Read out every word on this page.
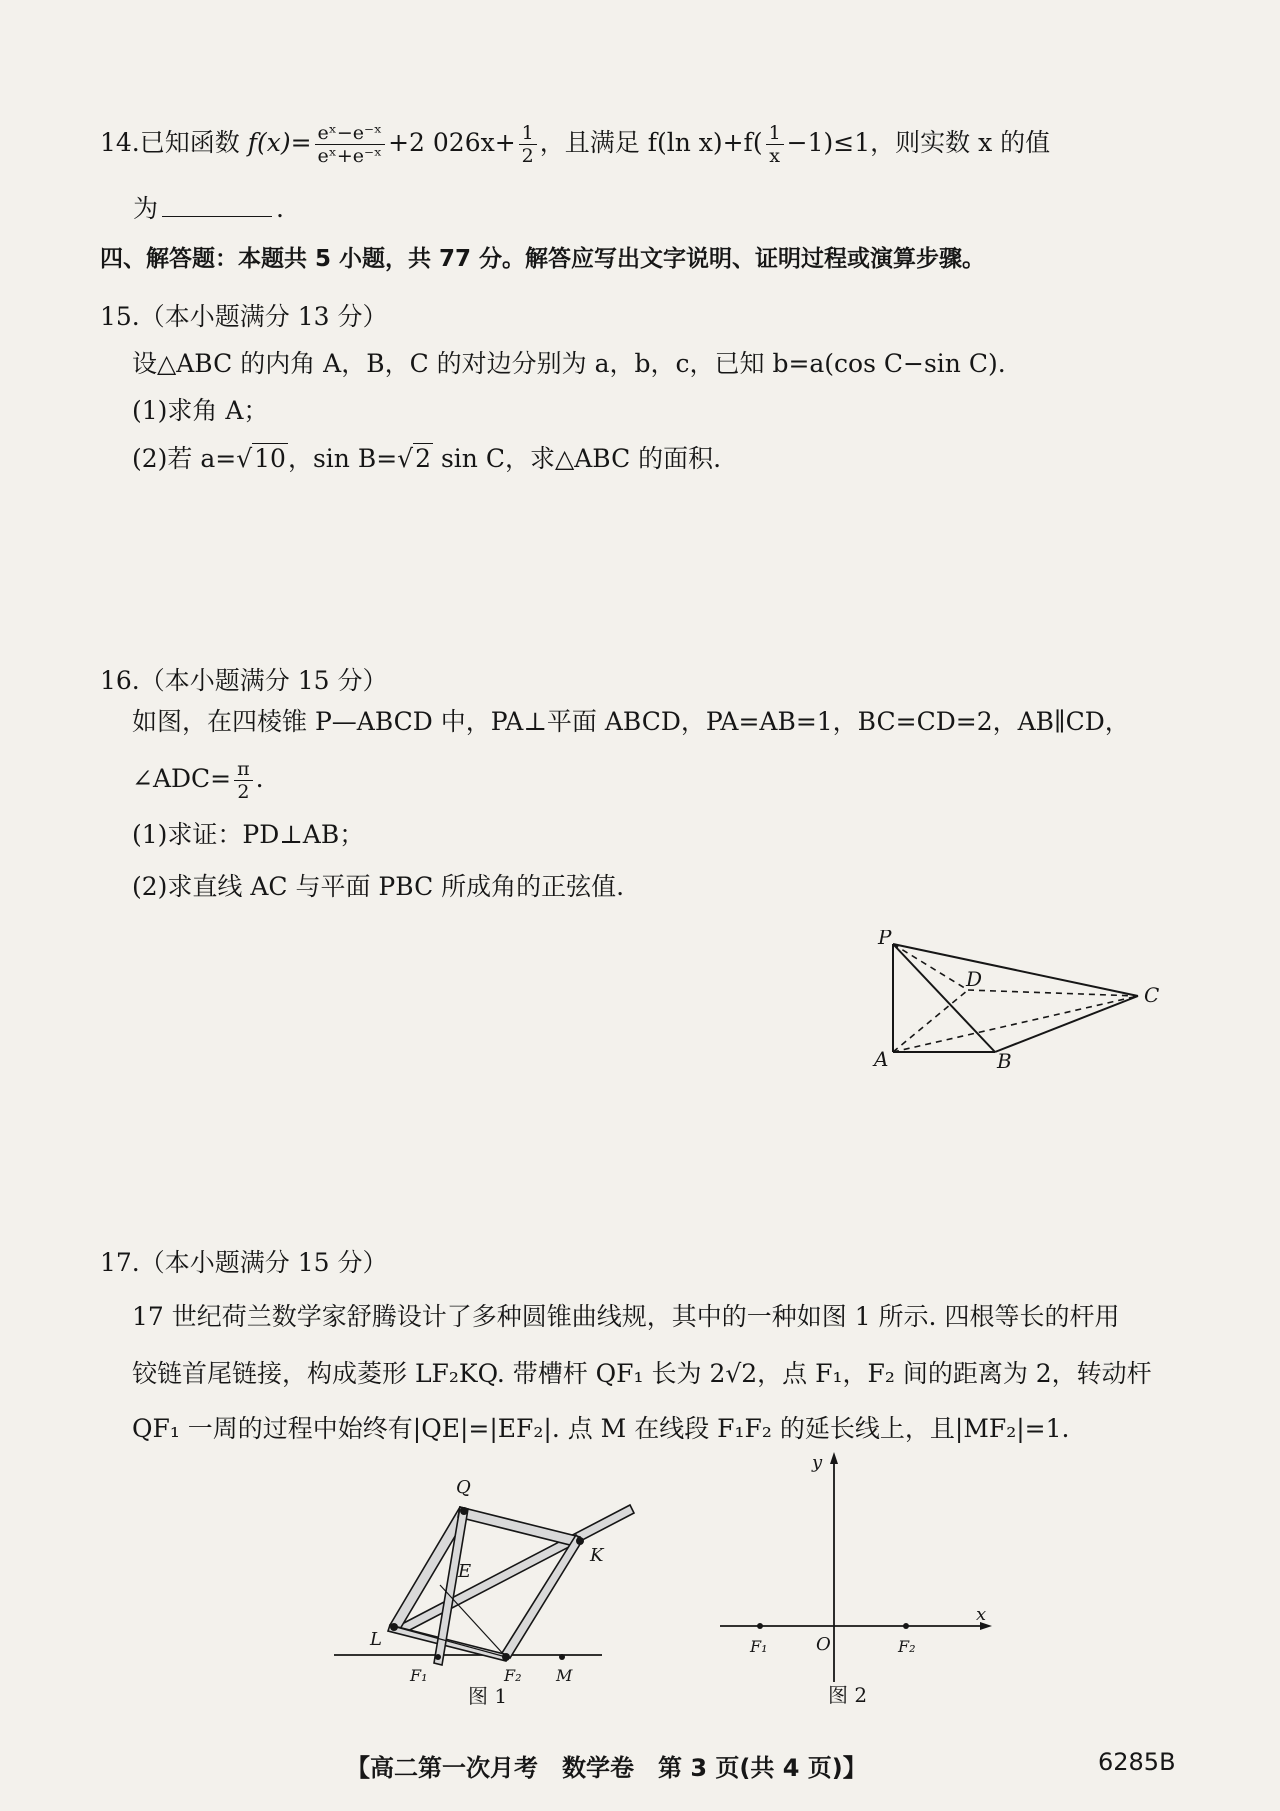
14.已知函数 $f(x)= \frac{\text{eˣ−e⁻ˣ}}{\text{eˣ+e⁻ˣ}} +2$ $026x+ \frac{1}{2}$ ，且满足 f(ln $x)+f( \frac{1}{x} -1)\le 1$，则实数 x 的值
为	.
四、解答题：本题共 5 小题，共 77 分。解答应写出文字说明、证明过程或演算步骤。
15.（本小题满分 13 分）
设△ABC 的内角 A，B，C 的对边分别为 a，b，c，已知 b=a(cos C−sin C).
(1)求角 A；
(2)若 a=√10，sin B=√2 sin C，求△ABC 的面积.
16.（本小题满分 15 分）
如图，在四棱锥 P—ABCD 中，PA⊥平面 ABCD，PA=AB=1，BC=CD=2，AB∥CD，
∠ADC= $\frac{\pi}{2}$ .
(1)求证：PD⊥AB；
(2)求直线 AC 与平面 PBC 所成角的正弦值.
P
D
C
A	B
17.（本小题满分 15 分）
17 世纪荷兰数学家舒腾设计了多种圆锥曲线规，其中的一种如图 1 所示. 四根等长的杆用
铰链首尾链接，构成菱形 LF₂KQ. 带槽杆 QF₁ 长为 2√2，点 F₁，F₂ 间的距离为 2，转动杆
QF₁ 一周的过程中始终有|QE|=|EF₂|. 点 M 在线段 F₁F₂ 的延长线上，且|MF₂|=1.
Q
E
K
L
F₁	F₂ M
图 1
y
x
O
F₁	F₂
图 2
【高二第一次月考　数学卷　第 3 页(共 4 页)】	6285B
